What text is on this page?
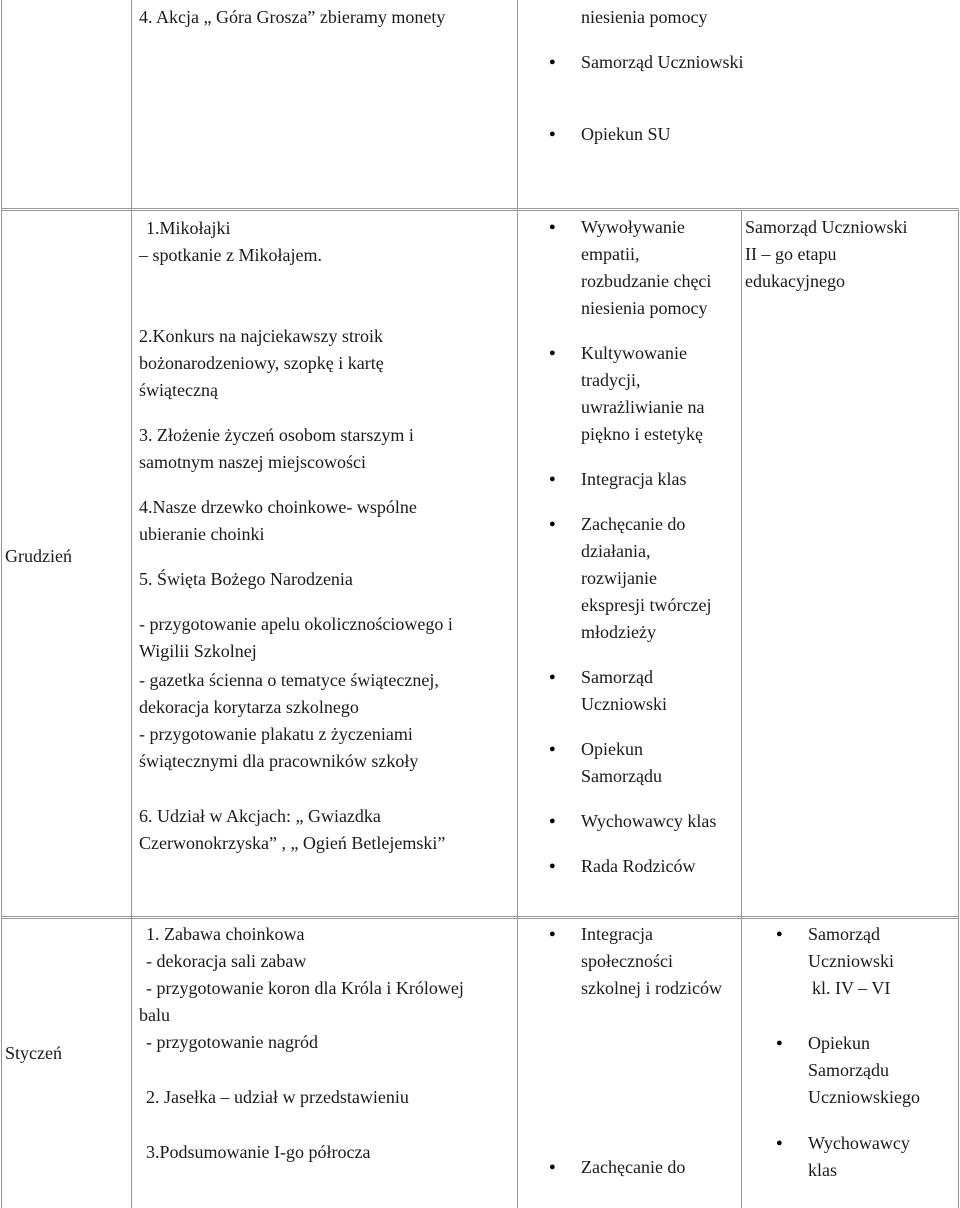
4. Akcja „ Góra Grosza” zbieramy monety	niesienia pomocy
Samorząd Uczniowski
Opiekun SU
Grudzień
1.Mikołajki
– spotkanie z Mikołajem.
2.Konkurs na najciekawszy stroik
bożonarodzeniowy, szopkę i kartę
świąteczną
3. Złożenie życzeń osobom starszym i
samotnym naszej miejscowości
4.Nasze drzewko choinkowe- wspólne
ubieranie choinki
5. Święta Bożego Narodzenia
- przygotowanie apelu okolicznościowego i
Wigilii Szkolnej
- gazetka ścienna o tematyce świątecznej,
dekoracja korytarza szkolnego
- przygotowanie plakatu z życzeniami
świątecznymi dla pracowników szkoły
6. Udział w Akcjach: „ Gwiazdka
Czerwonokrzyska” , „ Ogień Betlejemski”
Wywoływanie
empatii,
rozbudzanie chęci
niesienia pomocy
Kultywowanie
tradycji,
uwrażliwianie na
piękno i estetykę
Integracja klas
Zachęcanie do
działania,
rozwijanie
ekspresji twórczej
młodzieży
Samorząd
Uczniowski
Opiekun
Samorządu
Wychowawcy klas
Rada Rodziców
Samorząd Uczniowski
II – go etapu
edukacyjnego
Styczeń
1. Zabawa choinkowa
- dekoracja sali zabaw
- przygotowanie koron dla Króla i Królowej
balu
- przygotowanie nagród
2. Jasełka – udział w przedstawieniu
3.Podsumowanie I-go półrocza
Integracja
społeczności
szkolnej i rodziców
Zachęcanie do
Samorząd
Uczniowski
kl. IV – VI
Opiekun
Samorządu
Uczniowskiego
Wychowawcy
klas
